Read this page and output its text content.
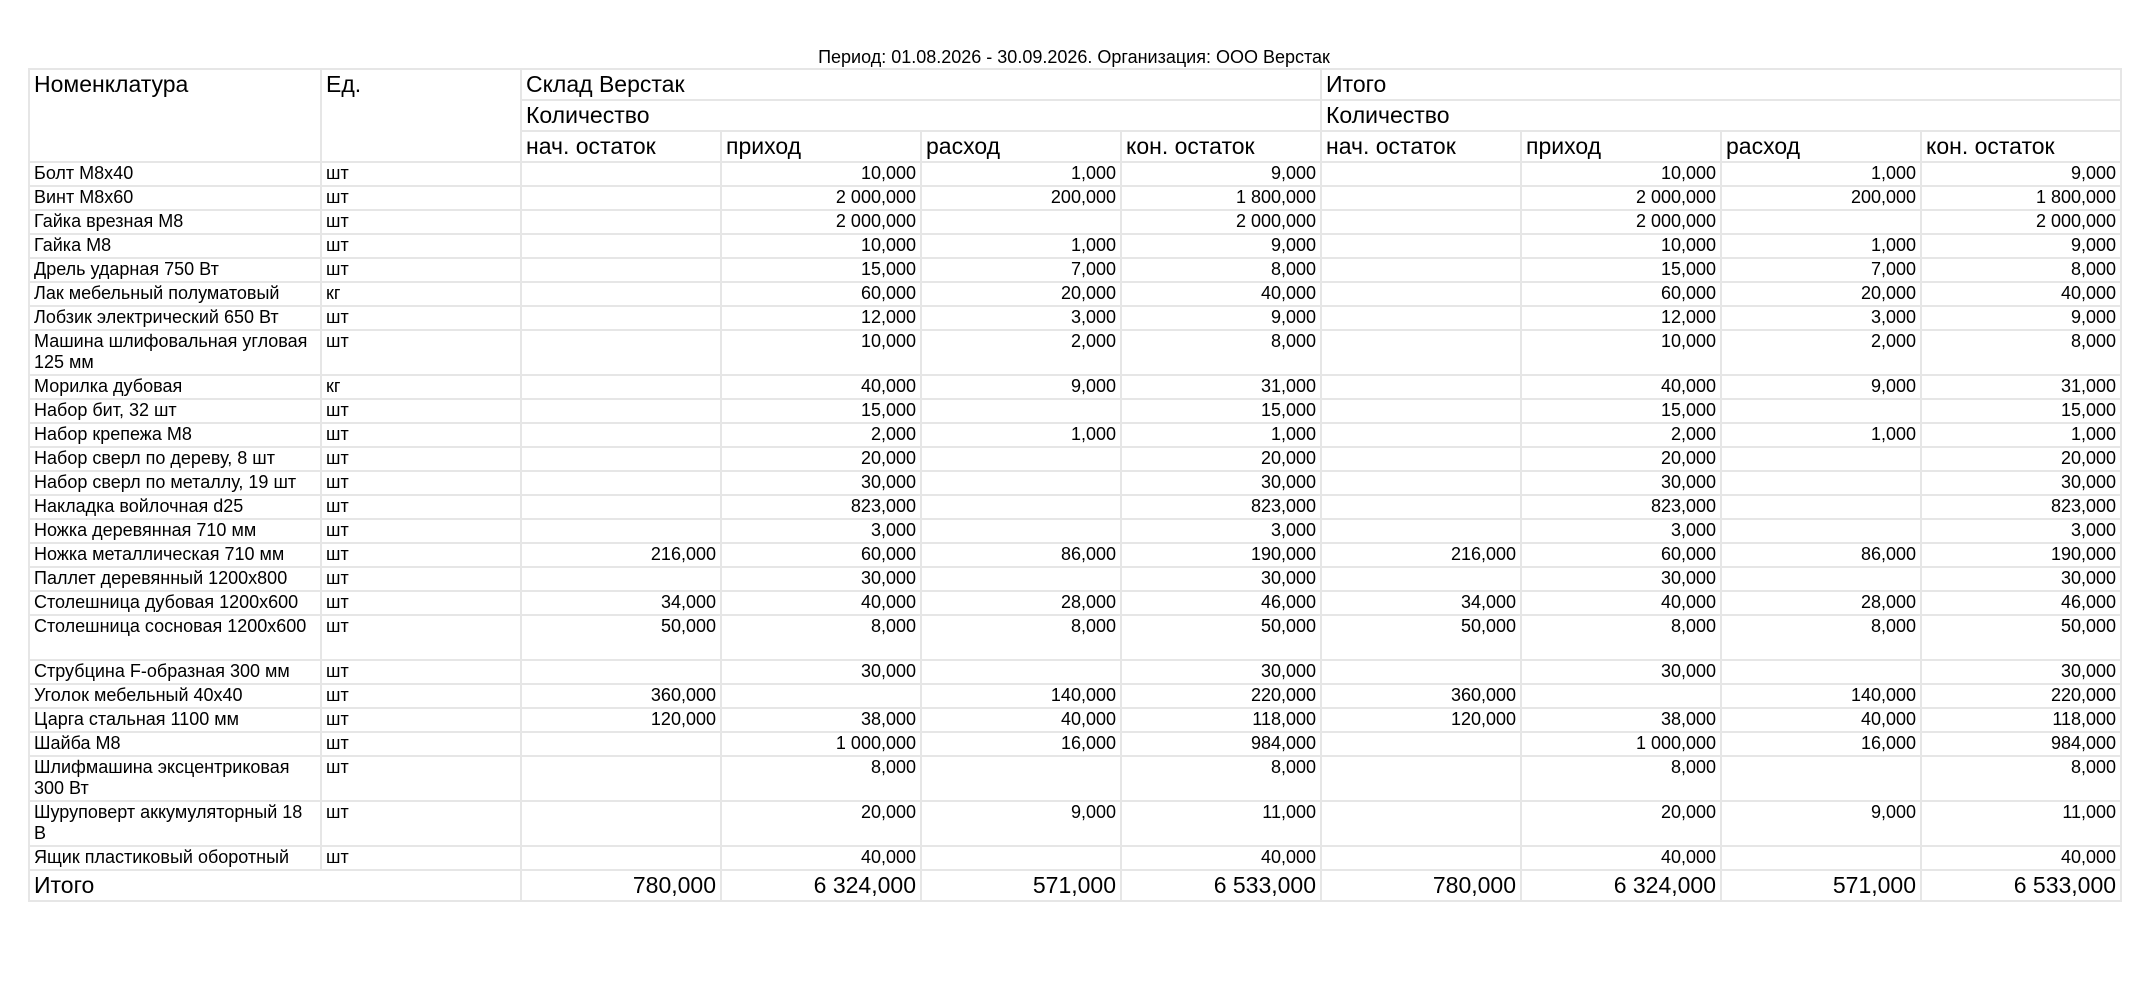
Период: 01.08.2026 - 30.09.2026. Организация: ООО Верстак
Номенклатура	Ед.	Склад Верстак				Итого			
		Количество				Количество			
		нач. остаток	приход	расход	кон. остаток	нач. остаток	приход	расход	кон. остаток
Болт М8х40	шт		10,000	1,000	9,000		10,000	1,000	9,000
Винт М8х60	шт		2 000,000	200,000	1 800,000		2 000,000	200,000	1 800,000
Гайка врезная М8	шт		2 000,000		2 000,000		2 000,000		2 000,000
Гайка М8	шт		10,000	1,000	9,000		10,000	1,000	9,000
Дрель ударная 750 Вт	шт		15,000	7,000	8,000		15,000	7,000	8,000
Лак мебельный полуматовый	кг		60,000	20,000	40,000		60,000	20,000	40,000
Лобзик электрический 650 Вт	шт		12,000	3,000	9,000		12,000	3,000	9,000
Машина шлифовальная угловая 125 мм	шт		10,000	2,000	8,000		10,000	2,000	8,000
Морилка дубовая	кг		40,000	9,000	31,000		40,000	9,000	31,000
Набор бит, 32 шт	шт		15,000		15,000		15,000		15,000
Набор крепежа М8	шт		2,000	1,000	1,000		2,000	1,000	1,000
Набор сверл по дереву, 8 шт	шт		20,000		20,000		20,000		20,000
Набор сверл по металлу, 19 шт	шт		30,000		30,000		30,000		30,000
Накладка войлочная d25	шт		823,000		823,000		823,000		823,000
Ножка деревянная 710 мм	шт		3,000		3,000		3,000		3,000
Ножка металлическая 710 мм	шт	216,000	60,000	86,000	190,000	216,000	60,000	86,000	190,000
Паллет деревянный 1200х800	шт		30,000		30,000		30,000		30,000
Столешница дубовая 1200х600	шт	34,000	40,000	28,000	46,000	34,000	40,000	28,000	46,000
Столешница сосновая 1200х600	шт	50,000	8,000	8,000	50,000	50,000	8,000	8,000	50,000
Струбцина F-образная 300 мм	шт		30,000		30,000		30,000		30,000
Уголок мебельный 40х40	шт	360,000		140,000	220,000	360,000		140,000	220,000
Царга стальная 1100 мм	шт	120,000	38,000	40,000	118,000	120,000	38,000	40,000	118,000
Шайба М8	шт		1 000,000	16,000	984,000		1 000,000	16,000	984,000
Шлифмашина эксцентриковая 300 Вт	шт		8,000		8,000		8,000		8,000
Шуруповерт аккумуляторный 18 В	шт		20,000	9,000	11,000		20,000	9,000	11,000
Ящик пластиковый оборотный	шт		40,000		40,000		40,000		40,000
Итого		780,000	6 324,000	571,000	6 533,000	780,000	6 324,000	571,000	6 533,000
